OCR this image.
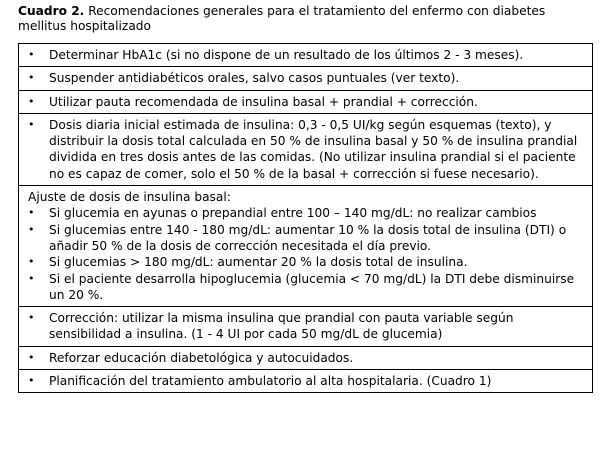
Cuadro 2. Recomendaciones generales para el tratamiento del enfermo con diabetes mellitus hospitalizado
• Determinar HbA1c (si no dispone de un resultado de los últimos 2 - 3 meses).
• Suspender antidiabéticos orales, salvo casos puntuales (ver texto).
• Utilizar pauta recomendada de insulina basal + prandial + corrección.
• Dosis diaria inicial estimada de insulina: 0,3 - 0,5 UI/kg según esquemas (texto), y distribuir la dosis total calculada en 50 % de insulina basal y 50 % de insulina prandial dividida en tres dosis antes de las comidas. (No utilizar insulina prandial si el paciente no es capaz de comer, solo el 50 % de la basal + corrección si fuese necesario).
Ajuste de dosis de insulina basal:
• Si glucemia en ayunas o prepandial entre 100 – 140 mg/dL: no realizar cambios
• Si glucemias entre 140 - 180 mg/dL: aumentar 10 % la dosis total de insulina (DTI) o añadir 50 % de la dosis de corrección necesitada el día previo.
• Si glucemias > 180 mg/dL: aumentar 20 % la dosis total de insulina.
• Si el paciente desarrolla hipoglucemia (glucemia < 70 mg/dL) la DTI debe disminuirse un 20 %.
• Corrección: utilizar la misma insulina que prandial con pauta variable según sensibilidad a insulina. (1 - 4 UI por cada 50 mg/dL de glucemia)
• Reforzar educación diabetológica y autocuidados.
• Planificación del tratamiento ambulatorio al alta hospitalaria. (Cuadro 1)
